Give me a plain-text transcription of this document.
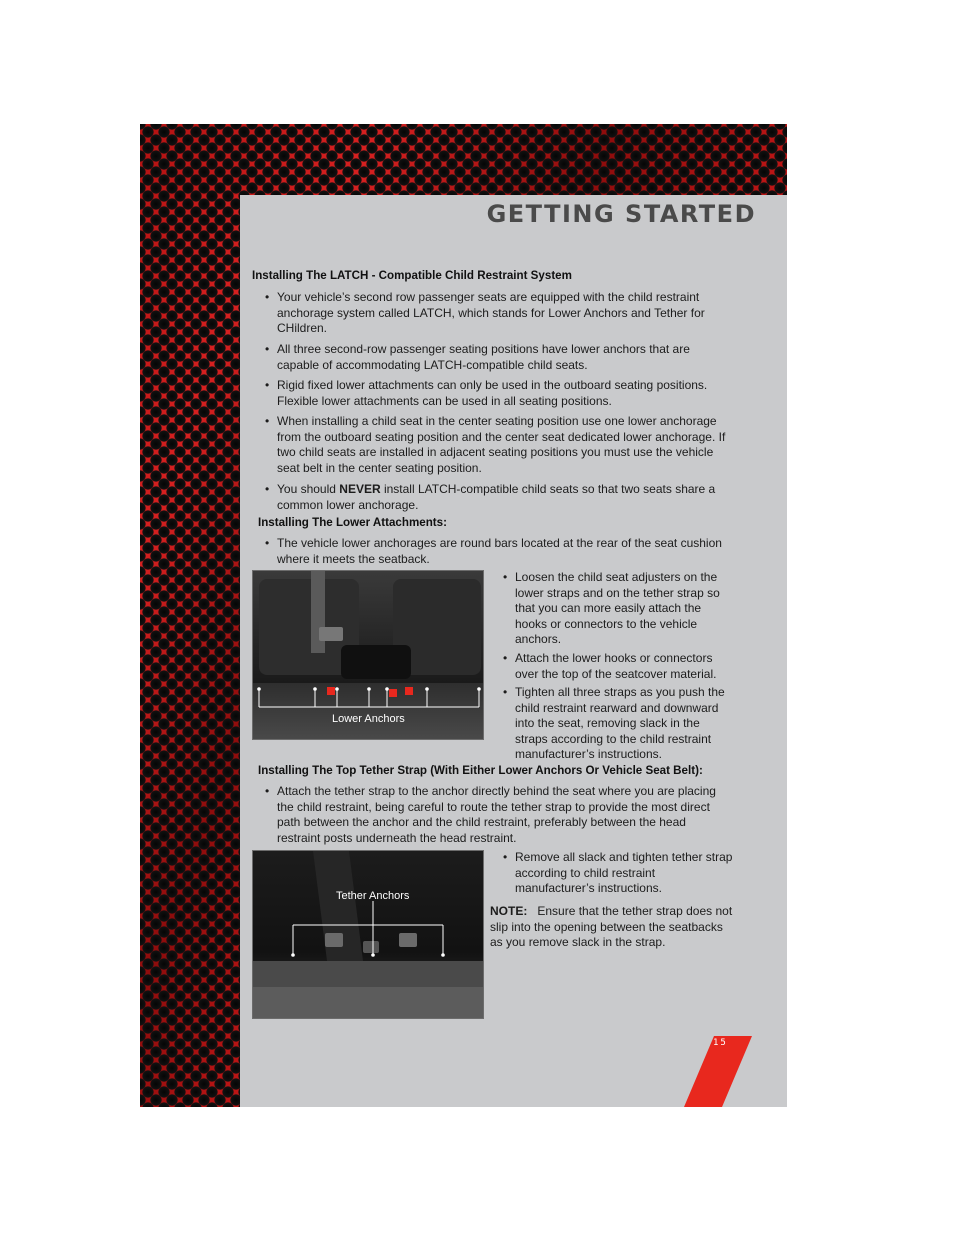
GETTING STARTED
Installing The LATCH - Compatible Child Restraint System
• Your vehicle’s second row passenger seats are equipped with the child restraint anchorage system called LATCH, which stands for Lower Anchors and Tether for CHildren.
• All three second-row passenger seating positions have lower anchors that are capable of accommodating LATCH-compatible child seats.
• Rigid fixed lower attachments can only be used in the outboard seating positions. Flexible lower attachments can be used in all seating positions.
• When installing a child seat in the center seating position use one lower anchorage from the outboard seating position and the center seat dedicated lower anchorage. If two child seats are installed in adjacent seating positions you must use the vehicle seat belt in the center seating position.
• You should NEVER install LATCH-compatible child seats so that two seats share a common lower anchorage.
Installing The Lower Attachments:
• The vehicle lower anchorages are round bars located at the rear of the seat cushion where it meets the seatback.
Lower Anchors
• Loosen the child seat adjusters on the lower straps and on the tether strap so that you can more easily attach the hooks or connectors to the vehicle anchors.
• Attach the lower hooks or connectors over the top of the seatcover material.
• Tighten all three straps as you push the child restraint rearward and downward into the seat, removing slack in the straps according to the child restraint manufacturer’s instructions.
Installing The Top Tether Strap (With Either Lower Anchors Or Vehicle Seat Belt):
• Attach the tether strap to the anchor directly behind the seat where you are placing the child restraint, being careful to route the tether strap to provide the most direct path between the anchor and the child restraint, preferably between the head restraint posts underneath the head restraint.
Tether Anchors
• Remove all slack and tighten tether strap according to child restraint manufacturer’s instructions.
NOTE: Ensure that the tether strap does not slip into the opening between the seatbacks as you remove slack in the strap.
15
